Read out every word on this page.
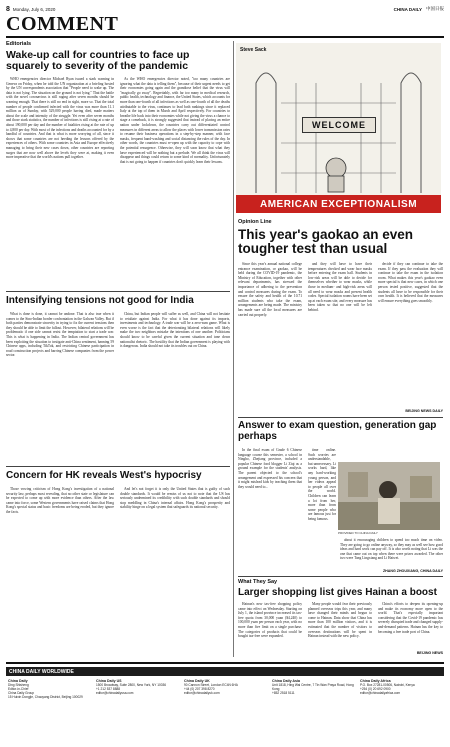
8 Monday, July 6, 2020	CHINA DAILY 中国日报
COMMENT
Editorials
Wake-up call for countries to face up squarely to severity of the pandemic

WHO emergencies director Michael Ryan issued a stark warning in Geneva on Friday, when he told the UN organization at a briefing hosted by the UN correspondents association that "People need to wake up. The data is not lying. The situation on the ground is not lying." That the battle with the novel coronavirus is still raging after seven months should be warning enough. That there is still no end in sight, more so. That the total number of people confirmed infected with the virus was more than 11.1 million as of Sunday, with 529,000 people having died, made matters about the scale and intensity of the struggle. Yet even after seven months and those stark statistics, the number of infections is still rising at a rate of about 190,000 per day and the number of fatalities rising at the rate of up to 4,800 per day. With most of the infections and deaths accounted for by a handful of countries. And that is what is more worrying of all, since it shows that some countries are not heeding the lessons offered by the experiences of others. With some countries in Asia and Europe effectively managing to bring their new cases down, other countries are reporting surges that are now well above the levels they were at, making it even more imperative that the world's nations pull together.

As the WHO emergencies director noted, "too many countries are ignoring what the data is telling them", because of their urgent needs to get their economies going again and the grandiose belief that the virus will "magically go away". Regrettably, with far too many in medical research, public health, technology and finance, the United States, which accounts for more than one-fourth of all infections as well as one-fourth of all the deaths attributable to the virus, continues to lead both rankings since it replaced Italy at the top of them in March and April respectively. For countries to breathe life back into their economies while not giving the virus a chance to stage a comeback, it is strongly suggested that instead of placing an entire nation under lockdown, the countries carry out differentiated control measures in different areas to allow the places with lower transmission rates to resume their business operations in a step-by-step manner, with face masks, frequent hand-washing and social distancing the rules of the day. In other words, the countries must re-open up with the capacity to cope with the potential resurgence. Otherwise, they will soon know that what they have experienced will be nothing but a prelude. We all think the virus will disappear and things could return to some kind of normality. Unfortunately that is not going to happen if countries don't quickly learn their lessons.

Intensifying tensions not good for India

What is done is done, it cannot be undone. That is also true when it comes to the Sino-Indian border confrontation in the Galwan Valley. But if both parties demonstrate sincerity in trying to fix the current tensions then they should be able to limit the fallout. However, bilateral relations will be problematic if one side cannot resist the temptation to start a trade war. This is what is happening in India. The Indian central government has been exploiting the situation to instigate anti-China sentiment, banning 59 Chinese apps, including TikTok, and restricting Chinese participation in road construction projects and barring Chinese companies from the power sector.

China, but Indian people will suffer as well, and China will not hesitate to retaliate against India. For what it has done against its imports, investments and technology. A trade war will be a zero-sum game. What is even worse is the fact that the deteriorating bilateral relations will likely make the two neighbors mistake the intentions of one another. Politicians should know to be careful given the current situation and tone down nationalist rhetoric. The hostility that the Indian government is playing with is dangerous. India should not take its troubles out on China.

Concern for HK reveals West's hypocrisy

Those vowing criticism of Hong Kong's investigation of a national security law, perhaps most revealing, that no other state or legislature can be expected to come up with more evidence than others. After the law came into force, some Western governments have raised claims that Hong Kong's special status and basic freedoms are being eroded, but they ignore the facts.

And let's not forget it is only the United States that is guilty of such double standards. It would be remiss of us not to note that the US has seriously undermined its credibility with such double standards and should stop meddling in China's internal affairs. Hong Kong's prosperity and stability hinge on a legal system that safeguards its national security.

Steve Sack
WELCOME
AMERICAN EXCEPTIONALISM
Opinion Line
This year's gaokao an even tougher test than usual

Since this year's annual national college entrance examination, or gaokao, will be held during the COVID-19 pandemic, the Ministry of Education, together with other relevant departments, has stressed the importance of adhering to the prevention and control measures during the exam. To ensure the safety and health of the 10.71 million students who take the exam, arrangements are being made. The ministry has made sure all the local measures are carried out properly.

and they will have to have their temperatures checked and wear face masks before entering the exam hall. Students in low-risk areas will be able to decide for themselves whether to wear masks, while those in medium- and high-risk areas will all need to wear masks and present health codes. Special isolation rooms have been set up at each exam site, and every measure has been taken so that no one will be left behind.

decide if they can continue to take the exam. If they pass the evaluation they will continue to take the exam in the isolation room. What makes this year's gaokao even more special is that new cases, in which one person tested positive, suggested that the students all have to be responsible for their own health. It is believed that the measures will ensure everything goes smoothly.

BEIJING NEWS DAILY
Answer to exam question, generation gap perhaps

In the final exam of Grade 6 Chinese language course this semester, a school in Ningbo, Zhejiang province, included a popular Chinese food blogger Li Ziqi as a ground example for the students' analysis. The parent objected to the school's arrangement and expressed his concern that it might mislead kids by teaching them that they would need to...

time online. Such worries are understandable, but unnecessary. Li works hard, like any hard-working young person, and her videos appeal to people all over the world. Children can learn a lot from her, more than from some people who are famous just for being famous.

PROVIDED TO CHINA DAILY

about it encouraging children to spend too much time on video. They are going to go online anyway, so they may as well see how good ideas and hard work can pay off. It is also worth noting that Li was the one that came out on top when there were prizes awarded. The other two were Tang Lingxiang and Li Haiwei.

ZHANG ZHOUXIANG, CHINA DAILY
What They Say
Larger shopping list gives Hainan a boost

Hainan's new tax-free shopping policy came into effect on Wednesday. Starting on July 1, the island province increased its tax-free quota from 30,000 yuan ($4,240) to 100,000 yuan per person each year, with no more than five limit on a single purchase. The categories of products that could be bought tax-free were expanded.

Many people would fear their previously planned overseas trips this year, and many have changed their minds and begun to come to Hainan. Data show that China has more than 100 million visitors, and it is estimated that the number of visitors to overseas destinations will be spent in Hainan instead with the new policy.

China's efforts to deepen its opening-up and make its economy more open to the world. That's especially important considering that the Covid-19 pandemic has severely disrupted trade and changed supply-and-demand patterns. Hainan has the key to becoming a free trade port of China.

BEIJING NEWS
CHINA DAILY WORLDWIDE
China Daily
Ding Shisheng
Editor-in-Chief
China Daily Group
15 Huixin Dongjie, Chaoyang District, Beijing 100029
China Daily US
1500 Broadway, Suite 2800, New York, NY 10036
+1 212 537 8888
editor@chinadailyusa.com
China Daily UK
90 Cannon Street, London EC4N 6HA
+44 (0) 207 398 8270
editor@chinadailyuk.com
China Daily Asia
Unit 1818, Hing Wai Centre, 7 Tin Wan Praya Road, Hong Kong
+852 2518 5111
China Daily Africa
P.O. Box 27281-00506, Nairobi, Kenya
+254 (0) 20 692 0900
editor@chinadailyafrica.com
